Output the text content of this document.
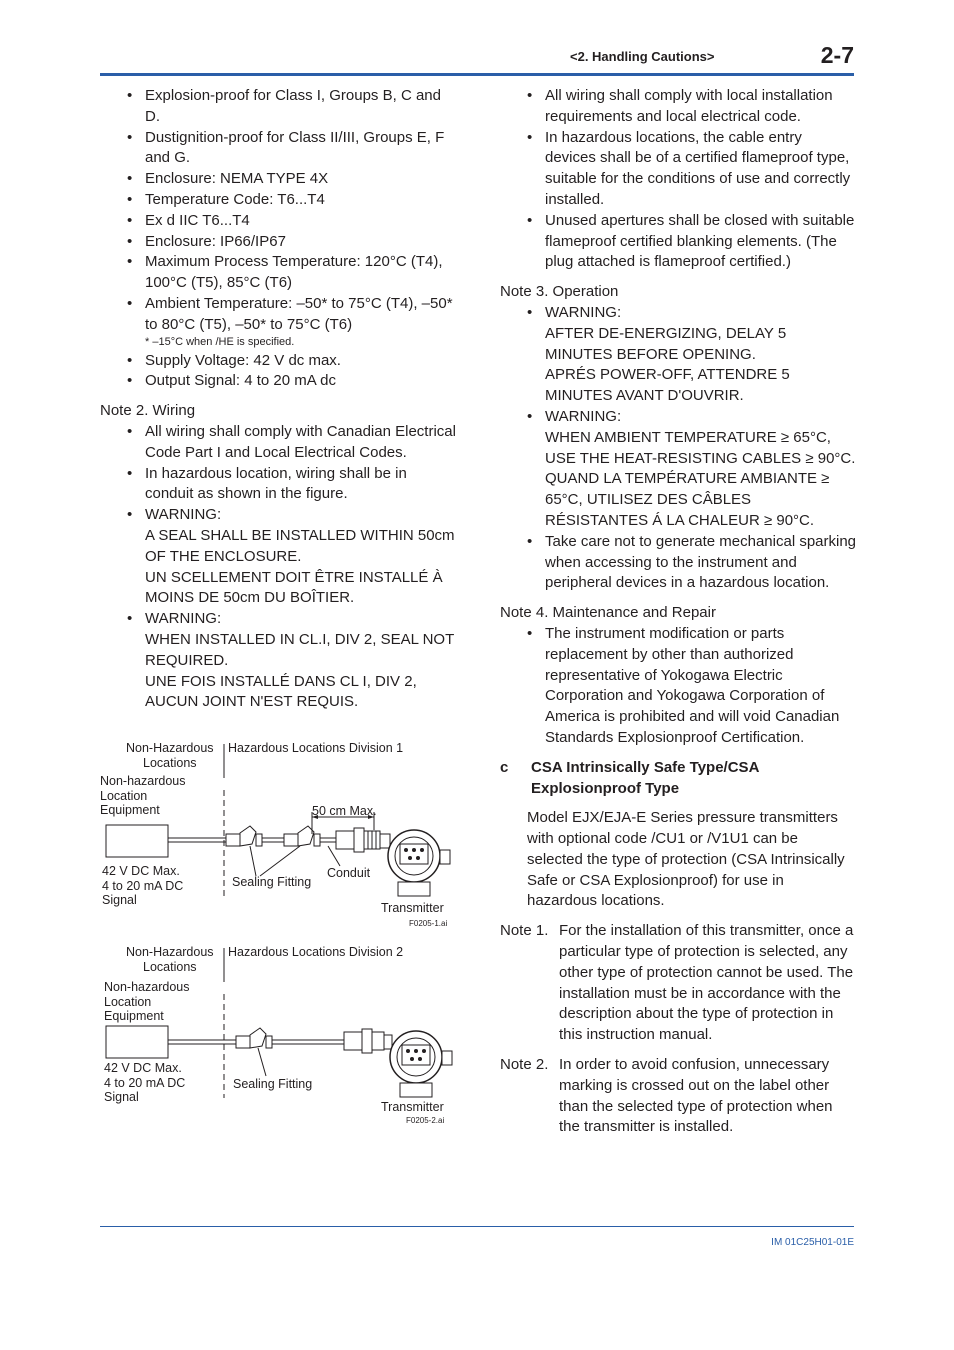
<2. Handling Cautions>	2-7
IM 01C25H01-01E
• Explosion-proof for Class I, Groups B, C and D.
• Dustignition-proof for Class II/III, Groups E, F and G.
• Enclosure: NEMA TYPE 4X
• Temperature Code: T6...T4
• Ex d IIC T6...T4
• Enclosure: IP66/IP67
• Maximum Process Temperature: 120°C (T4), 100°C (T5), 85°C (T6)
• Ambient Temperature: –50* to 75°C (T4), –50* to 80°C (T5), –50* to 75°C (T6)
* –15°C when /HE is specified.
• Supply Voltage: 42 V dc max.
• Output Signal: 4 to 20 mA dc
Note 2. Wiring
• All wiring shall comply with Canadian Electrical Code Part I and Local Electrical Codes.
• In hazardous location, wiring shall be in conduit as shown in the figure.
• WARNING:
A SEAL SHALL BE INSTALLED WITHIN 50cm OF THE ENCLOSURE.
UN SCELLEMENT DOIT ÊTRE INSTALLÉ À MOINS DE 50cm DU BOÎTIER.
• WARNING:
WHEN INSTALLED IN CL.I, DIV 2, SEAL NOT REQUIRED.
UNE FOIS INSTALLÉ DANS CL I, DIV 2, AUCUN JOINT N'EST REQUIS.
Non-Hazardous
Locations
Hazardous Locations Division 1
Non-hazardous
Location
Equipment	50 cm Max.
42 V DC Max.
4 to 20 mA DC
Signal
Sealing Fitting
Conduit
Transmitter
F0205-1.ai
Non-Hazardous
Locations
Hazardous Locations Division 2
Non-hazardous
Location
Equipment
42 V DC Max.
4 to 20 mA DC
Signal
Sealing Fitting
Transmitter
F0205-2.ai
• All wiring shall comply with local installation requirements and local electrical code.
• In hazardous locations, the cable entry devices shall be of a certified flameproof type, suitable for the conditions of use and correctly installed.
• Unused apertures shall be closed with suitable flameproof certified blanking elements. (The plug attached is flameproof certified.)
Note 3. Operation
• WARNING:
AFTER DE-ENERGIZING, DELAY 5 MINUTES BEFORE OPENING.
APRÉS POWER-OFF, ATTENDRE 5 MINUTES AVANT D'OUVRIR.
• WARNING:
WHEN AMBIENT TEMPERATURE ≥ 65°C, USE THE HEAT-RESISTING CABLES ≥ 90°C.
QUAND LA TEMPÉRATURE AMBIANTE ≥ 65°C, UTILISEZ DES CÂBLES RÉSISTANTES Á LA CHALEUR ≥ 90°C.
• Take care not to generate mechanical sparking when accessing to the instrument and peripheral devices in a hazardous location.
Note 4. Maintenance and Repair
• The instrument modification or parts replacement by other than authorized representative of Yokogawa Electric Corporation and Yokogawa Corporation of America is prohibited and will void Canadian Standards Explosionproof Certification.
c CSA Intrinsically Safe Type/CSA Explosionproof Type
Model EJX/EJA-E Series pressure transmitters with optional code /CU1 or /V1U1 can be selected the type of protection (CSA Intrinsically Safe or CSA Explosionproof) for use in hazardous locations.
Note 1. For the installation of this transmitter, once a particular type of protection is selected, any other type of protection cannot be used. The installation must be in accordance with the description about the type of protection in this instruction manual.
Note 2. In order to avoid confusion, unnecessary marking is crossed out on the label other than the selected type of protection when the transmitter is installed.
